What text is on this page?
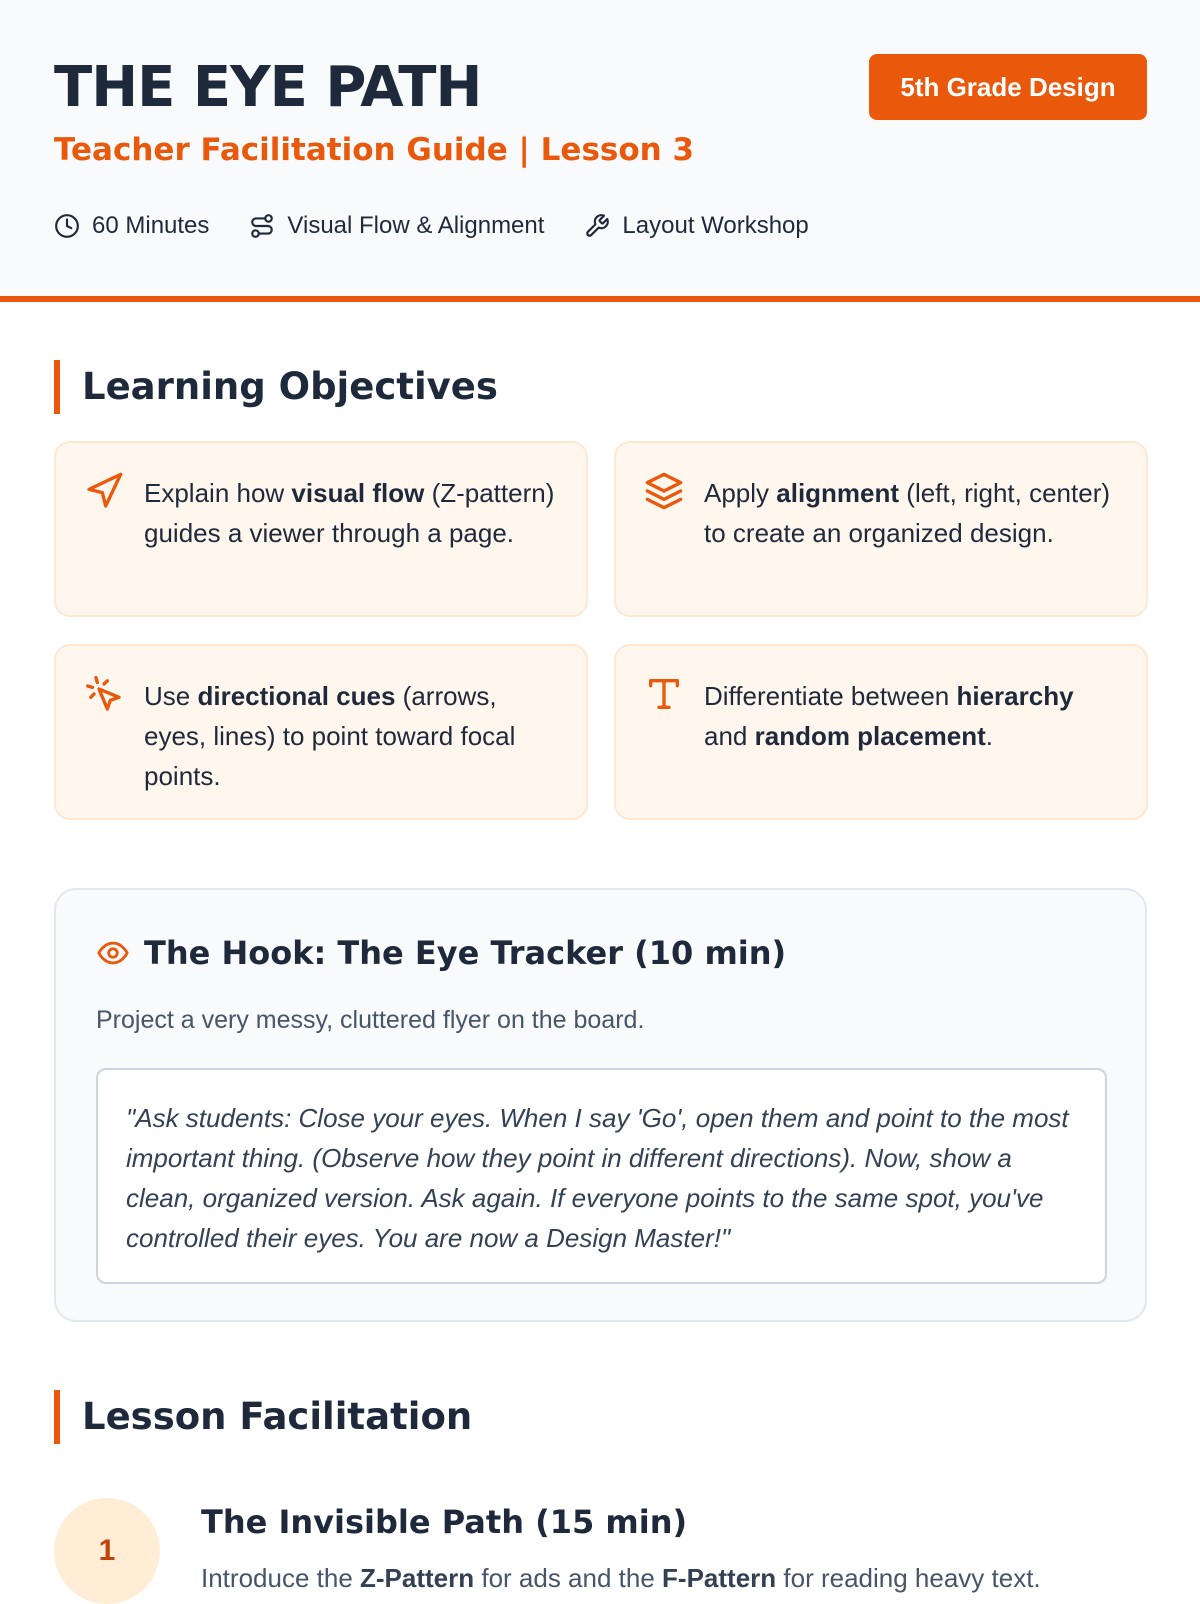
THE EYE PATH
Teacher Facilitation Guide | Lesson 3
5th Grade Design
60 Minutes	Visual Flow & Alignment	Layout Workshop
Learning Objectives
Explain how visual flow (Z-pattern) guides a viewer through a page.
Apply alignment (left, right, center) to create an organized design.
Use directional cues (arrows, eyes, lines) to point toward focal points.
Differentiate between hierarchy and random placement.
The Hook: The Eye Tracker (10 min)
Project a very messy, cluttered flyer on the board.
"Ask students: Close your eyes. When I say 'Go', open them and point to the most important thing. (Observe how they point in different directions). Now, show a clean, organized version. Ask again. If everyone points to the same spot, you've controlled their eyes. You are now a Design Master!"
Lesson Facilitation
1
The Invisible Path (15 min)
Introduce the Z-Pattern for ads and the F-Pattern for reading heavy text.
